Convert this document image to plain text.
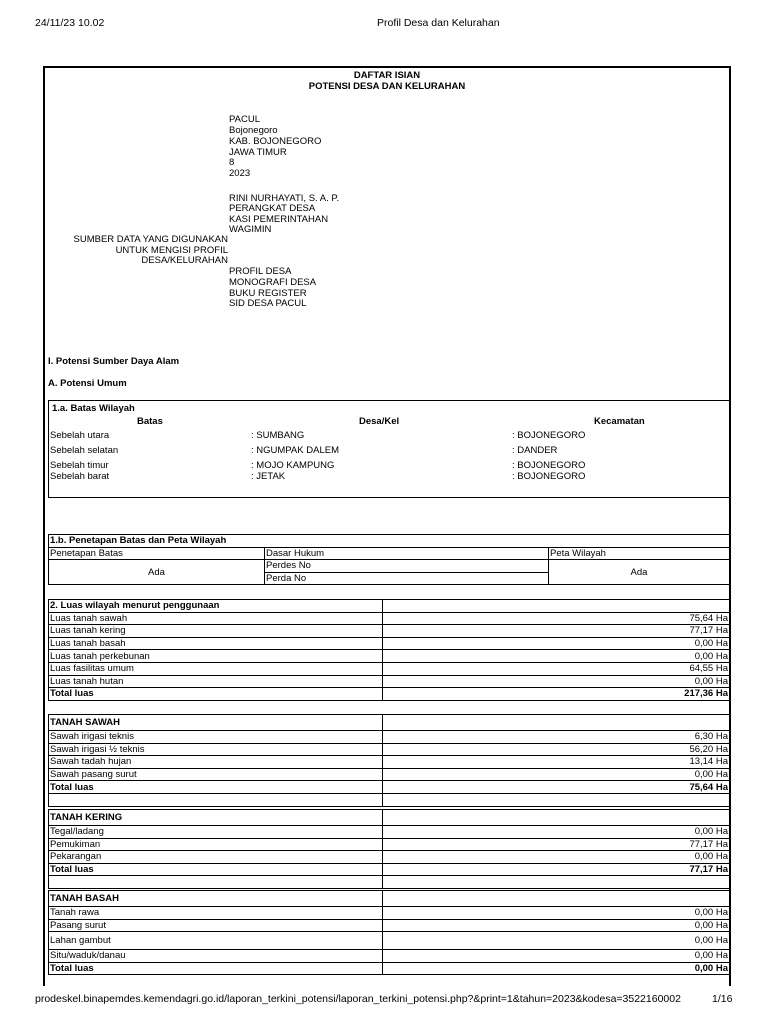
24/11/23 10.02	Profil Desa dan Kelurahan
DAFTAR ISIAN
POTENSI DESA DAN KELURAHAN
PACUL
Bojonegoro
KAB. BOJONEGORO
JAWA TIMUR
8
2023
RINI NURHAYATI, S. A. P.
PERANGKAT DESA
KASI PEMERINTAHAN
WAGIMIN
SUMBER DATA YANG DIGUNAKAN
UNTUK MENGISI PROFIL
DESA/KELURAHAN
PROFIL DESA
MONOGRAFI DESA
BUKU REGISTER
SID DESA PACUL
I. Potensi Sumber Daya Alam
A. Potensi Umum
1.a. Batas Wilayah
Batas	Desa/Kel	Kecamatan
Sebelah utara	: SUMBANG	: BOJONEGORO
Sebelah selatan	: NGUMPAK DALEM	: DANDER
Sebelah timur	: MOJO KAMPUNG	: BOJONEGORO
Sebelah barat	: JETAK	: BOJONEGORO
1.b. Penetapan Batas dan Peta Wilayah		
Penetapan Batas	Dasar Hukum	Peta Wilayah
Ada	Perdes No	Ada
	Perda No	
2. Luas wilayah menurut penggunaan	
Luas tanah sawah	75,64 Ha
Luas tanah kering	77,17 Ha
Luas tanah basah	0,00 Ha
Luas tanah perkebunan	0,00 Ha
Luas fasilitas umum	64,55 Ha
Luas tanah hutan	0,00 Ha
Total luas	217,36 Ha
TANAH SAWAH	
Sawah irigasi teknis	6,30 Ha
Sawah irigasi ½ teknis	56,20 Ha
Sawah tadah hujan	13,14 Ha
Sawah pasang surut	0,00 Ha
Total luas	75,64 Ha

TANAH KERING	
Tegal/ladang	0,00 Ha
Pemukiman	77,17 Ha
Pekarangan	0,00 Ha
Total luas	77,17 Ha

TANAH BASAH	
Tanah rawa	0,00 Ha
Pasang surut	0,00 Ha
Lahan gambut	0,00 Ha
Situ/waduk/danau	0,00 Ha
Total luas	0,00 Ha
prodeskel.binapemdes.kemendagri.go.id/laporan_terkini_potensi/laporan_terkini_potensi.php?&print=1&tahun=2023&kodesa=3522160002	1/16
